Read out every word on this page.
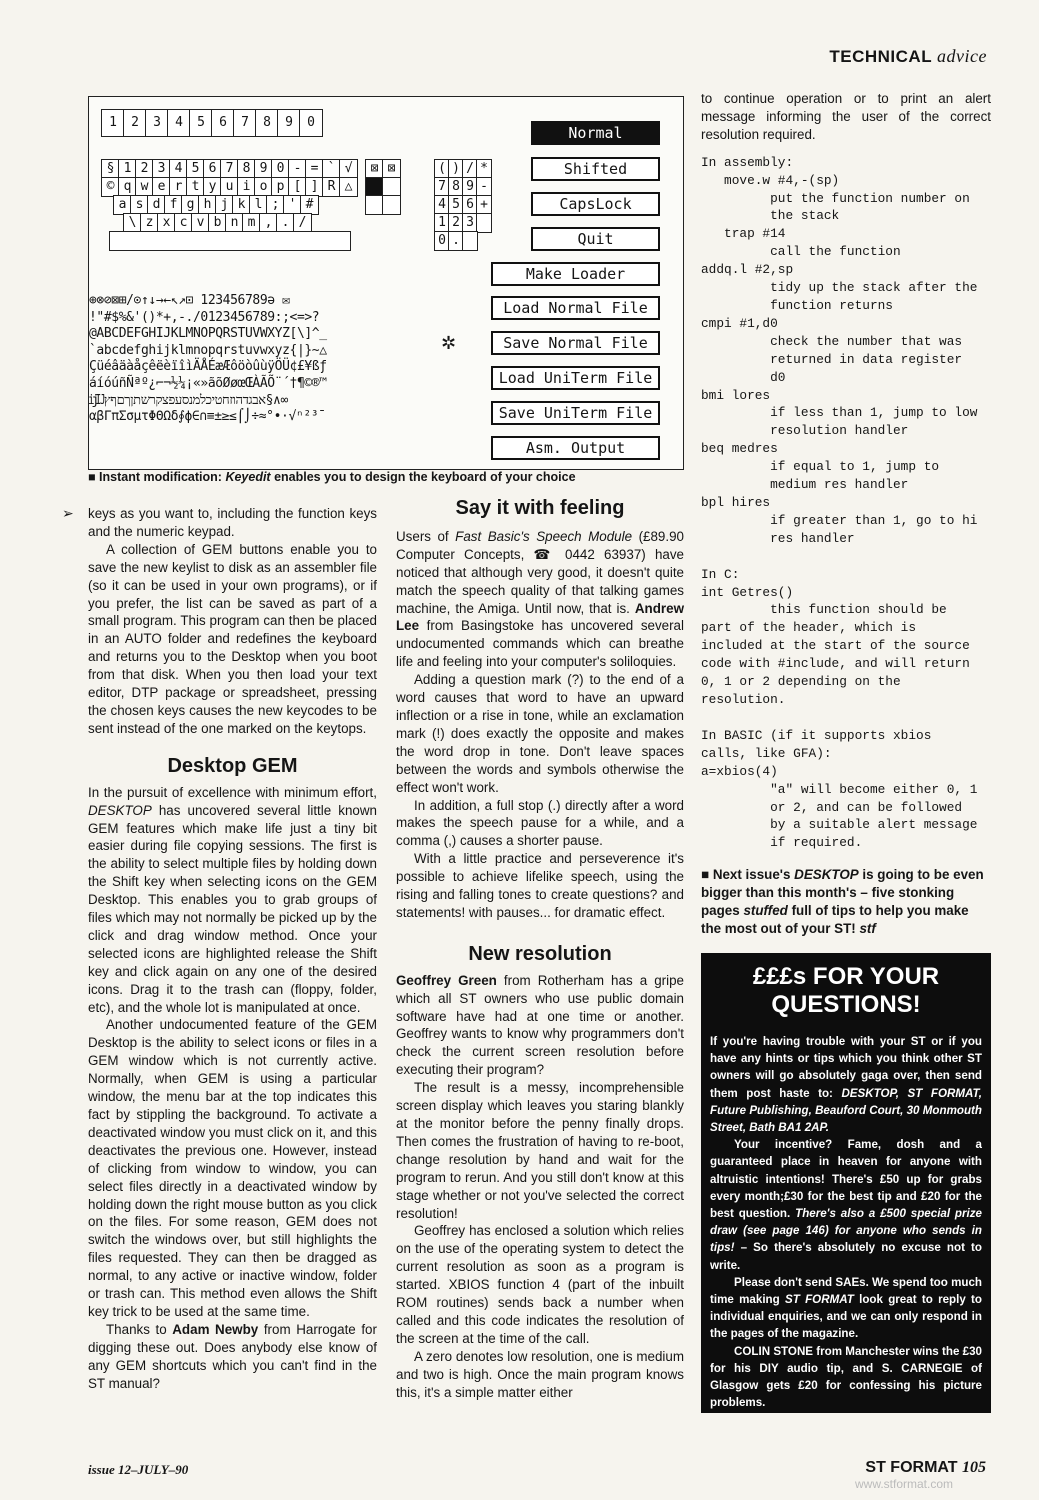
TECHNICAL advice
1	2	3	4	5	6	7	8	9	0
§ 1 2 3 4 5 6 7 8 9 0 - = ` √
© q w e r t y u i o p [ ] R △
a s d f g h j k l ; ' #
\ z x c v b n m , . /
⊠ ⊠	( ) / *
7 8 9 -
4 5 6 +
1 2 3
0 .
Normal
Shifted
CapsLock
Quit
Make Loader
Load Normal File
Save Normal File
Load UniTerm File
Save UniTerm File
Asm. Output
⊕⊗⊘⊠⊞/⊙↑↓→←↖↗⊡ 123456789ə ✉
!"#$%&'()*+,-./0123456789:;<=>?
@ABCDEFGHIJKLMNOPQRSTUVWXYZ[\]^_
`abcdefghijklmnopqrstuvwxyz{|}~△
ÇüéâäàåçêëèïîìÄÅÉæÆôöòûùÿÖÜ¢£¥ßƒ
áíóúñÑªº¿⌐¬½¼¡«»ãõØøœŒÀÃÕ¨´†¶©®™
ĳĲאבגדהוזחטיכלמנסעפצקרשתןךםףץ§∧∞
αβΓπΣσµτΦΘΩδ∮ϕ∈∩≡±≥≤⌠⌡÷≈°•·√ⁿ²³¯
✲
■ Instant modification: Keyedit enables you to design the keyboard of your choice
➢ keys as you want to, including the function keys and the numeric keypad.

A collection of GEM buttons enable you to save the new keylist to disk as an assembler file (so it can be used in your own programs), or if you prefer, the list can be saved as part of a small program. This program can then be placed in an AUTO folder and redefines the keyboard and returns you to the Desktop when you boot from that disk. When you then load your text editor, DTP package or spreadsheet, pressing the chosen keys causes the new keycodes to be sent instead of the one marked on the keytops.

Desktop GEM

In the pursuit of excellence with minimum effort, DESKTOP has uncovered several little known GEM features which make life just a tiny bit easier during file copying sessions. The first is the ability to select multiple files by holding down the Shift key when selecting icons on the GEM Desktop. This enables you to grab groups of files which may not normally be picked up by the click and drag window method. Once your selected icons are highlighted release the Shift key and click again on any one of the desired icons. Drag it to the trash can (floppy, folder, etc), and the whole lot is manipulated at once.

Another undocumented feature of the GEM Desktop is the ability to select icons or files in a GEM window which is not currently active. Normally, when GEM is using a particular window, the menu bar at the top indicates this fact by stippling the background. To activate a deactivated window you must click on it, and this deactivates the previous one. However, instead of clicking from window to window, you can select files directly in a deactivated window by holding down the right mouse button as you click on the files. For some reason, GEM does not switch the windows over, but still highlights the files requested. They can then be dragged as normal, to any active or inactive window, folder or trash can. This method even allows the Shift key trick to be used at the same time.

Thanks to Adam Newby from Harrogate for digging these out. Does anybody else know of any GEM shortcuts which you can't find in the ST manual?

Say it with feeling

Users of Fast Basic's Speech Module (£89.90 Computer Concepts, ☎ 0442 63937) have noticed that although very good, it doesn't quite match the speech quality of that talking games machine, the Amiga. Until now, that is. Andrew Lee from Basingstoke has uncovered several undocumented commands which can breathe life and feeling into your computer's soliloquies.

Adding a question mark (?) to the end of a word causes that word to have an upward inflection or a rise in tone, while an exclamation mark (!) does exactly the opposite and makes the word drop in tone. Don't leave spaces between the words and symbols otherwise the effect won't work.

In addition, a full stop (.) directly after a word makes the speech pause for a while, and a comma (,) causes a shorter pause.

With a little practice and perseverence it's possible to achieve lifelike speech, using the rising and falling tones to create questions? and statements! with pauses... for dramatic effect.

New resolution

Geoffrey Green from Rotherham has a gripe which all ST owners who use public domain software have had at one time or another. Geoffrey wants to know why programmers don't check the current screen resolution before executing their program?

The result is a messy, incomprehensible screen display which leaves you staring blankly at the monitor before the penny finally drops. Then comes the frustration of having to re-boot, change resolution by hand and wait for the program to rerun. And you still don't know at this stage whether or not you've selected the correct resolution!

Geoffrey has enclosed a solution which relies on the use of the operating system to detect the current resolution as soon as a program is started. XBIOS function 4 (part of the inbuilt ROM routines) sends back a number when called and this code indicates the resolution of the screen at the time of the call.

A zero denotes low resolution, one is medium and two is high. Once the main program knows this, it's a simple matter either

to continue operation or to print an alert message informing the user of the correct resolution required.

In assembly:
move.w #4,-(sp)
put the function number on
the stack
trap #14
call the function
addq.l #2,sp
tidy up the stack after the
function returns
cmpi #1,d0
check the number that was
returned in data register
d0
bmi lores
if less than 1, jump to low
resolution handler
beq medres
if equal to 1, jump to
medium res handler
bpl hires
if greater than 1, go to hi
res handler
In C:
int Getres()
this function should be
part of the header, which is
included at the start of the source
code with #include, and will return
0, 1 or 2 depending on the
resolution.
In BASIC (if it supports xbios
calls, like GFA):
a=xbios(4)
"a" will become either 0, 1
or 2, and can be followed
by a suitable alert message
if required.

■ Next issue's DESKTOP is going to be even bigger than this month's – five stonking pages stuffed full of tips to help you make the most out of your ST! stf

£££s FOR YOUR QUESTIONS!

If you're having trouble with your ST or if you have any hints or tips which you think other ST owners will go absolutely gaga over, then send them post haste to: DESKTOP, ST FORMAT, Future Publishing, Beauford Court, 30 Monmouth Street, Bath BA1 2AP.

Your incentive? Fame, dosh and a guaranteed place in heaven for anyone with altruistic intentions! There's £50 up for grabs every month;£30 for the best tip and £20 for the best question. There's also a £500 special prize draw (see page 146) for anyone who sends in tips! – So there's absolutely no excuse not to write.

Please don't send SAEs. We spend too much time making ST FORMAT look great to reply to individual enquiries, and we can only respond in the pages of the magazine.

COLIN STONE from Manchester wins the £30 for his DIY audio tip, and S. CARNEGIE of Glasgow gets £20 for confessing his picture problems.

issue 12–JULY–90	ST FORMAT 105
www.stformat.com
